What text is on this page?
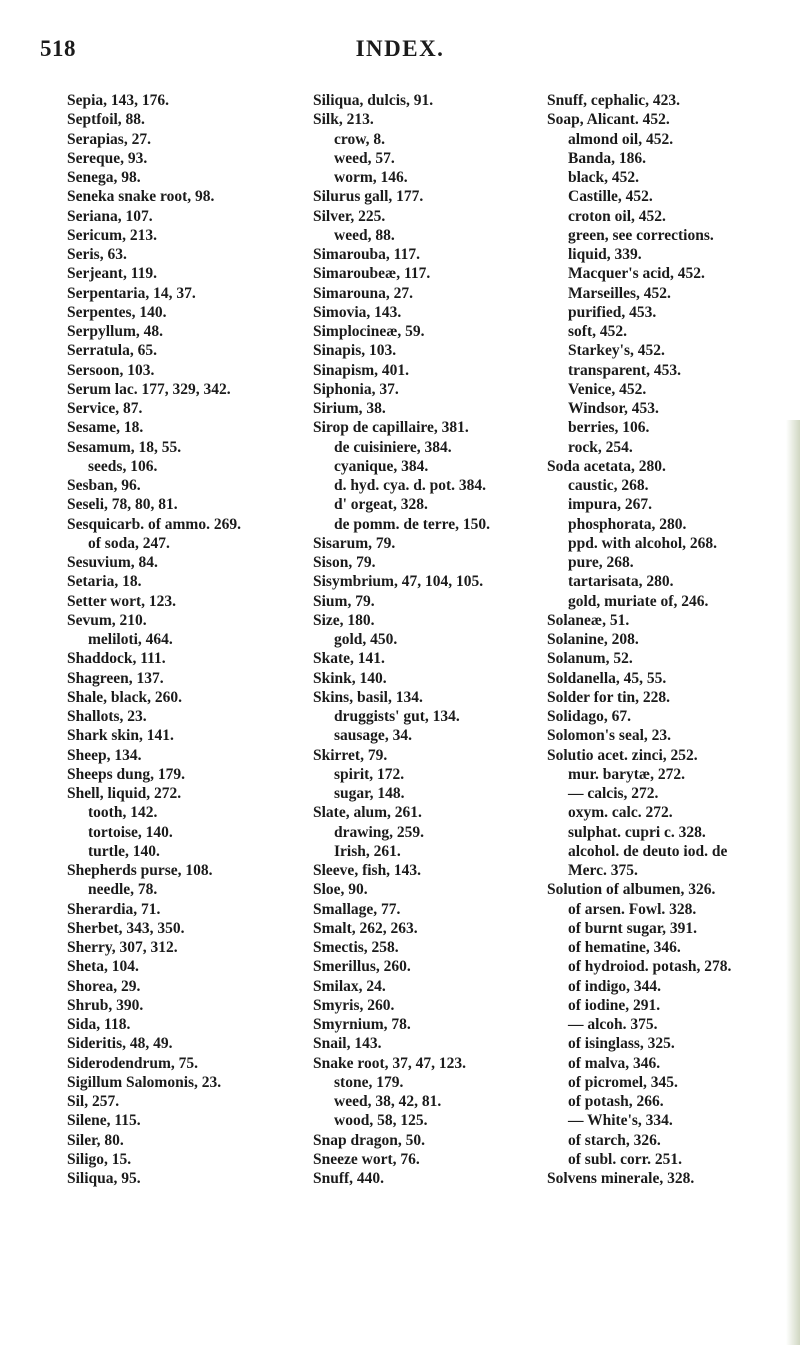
INDEX.
518
Sepia, 143, 176.
Septfoil, 88.
Serapias, 27.
Sereque, 93.
Senega, 98.
Seneka snake root, 98.
Seriana, 107.
Sericum, 213.
Seris, 63.
Serjeant, 119.
Serpentaria, 14, 37.
Serpentes, 140.
Serpyllum, 48.
Serratula, 65.
Sersoon, 103.
Serum lac. 177, 329, 342.
Service, 87.
Sesame, 18.
Sesamum, 18, 55.
seeds, 106.
Sesban, 96.
Seseli, 78, 80, 81.
Sesquicarb. of ammo. 269.
of soda, 247.
Sesuvium, 84.
Setaria, 18.
Setter wort, 123.
Sevum, 210.
meliloti, 464.
Shaddock, 111.
Shagreen, 137.
Shale, black, 260.
Shallots, 23.
Shark skin, 141.
Sheep, 134.
Sheeps dung, 179.
Shell, liquid, 272.
tooth, 142.
tortoise, 140.
turtle, 140.
Shepherds purse, 108.
needle, 78.
Sherardia, 71.
Sherbet, 343, 350.
Sherry, 307, 312.
Sheta, 104.
Shorea, 29.
Shrub, 390.
Sida, 118.
Sideritis, 48, 49.
Siderodendrum, 75.
Sigillum Salomonis, 23.
Sil, 257.
Silene, 115.
Siler, 80.
Siligo, 15.
Siliqua, 95.
Siliqua, dulcis, 91.
Silk, 213.
crow, 8.
weed, 57.
worm, 146.
Silurus gall, 177.
Silver, 225.
weed, 88.
Simarouba, 117.
Simaroubeæ, 117.
Simarouna, 27.
Simovia, 143.
Simplocineæ, 59.
Sinapis, 103.
Sinapism, 401.
Siphonia, 37.
Sirium, 38.
Sirop de capillaire, 381.
de cuisiniere, 384.
cyanique, 384.
d. hyd. cya. d. pot. 384.
d' orgeat, 328.
de pomm. de terre, 150.
Sisarum, 79.
Sison, 79.
Sisymbrium, 47, 104, 105.
Sium, 79.
Size, 180.
gold, 450.
Skate, 141.
Skink, 140.
Skins, basil, 134.
druggists' gut, 134.
sausage, 34.
Skirret, 79.
spirit, 172.
sugar, 148.
Slate, alum, 261.
drawing, 259.
Irish, 261.
Sleeve, fish, 143.
Sloe, 90.
Smallage, 77.
Smalt, 262, 263.
Smectis, 258.
Smerillus, 260.
Smilax, 24.
Smyris, 260.
Smyrnium, 78.
Snail, 143.
Snake root, 37, 47, 123.
stone, 179.
weed, 38, 42, 81.
wood, 58, 125.
Snap dragon, 50.
Sneeze wort, 76.
Snuff, 440.
Snuff, cephalic, 423.
Soap, Alicant. 452.
almond oil, 452.
Banda, 186.
black, 452.
Castille, 452.
croton oil, 452.
green, see corrections.
liquid, 339.
Macquer's acid, 452.
Marseilles, 452.
purified, 453.
soft, 452.
Starkey's, 452.
transparent, 453.
Venice, 452.
Windsor, 453.
berries, 106.
rock, 254.
Soda acetata, 280.
caustic, 268.
impura, 267.
phosphorata, 280.
ppd. with alcohol, 268.
pure, 268.
tartarisata, 280.
gold, muriate of, 246.
Solaneæ, 51.
Solanine, 208.
Solanum, 52.
Soldanella, 45, 55.
Solder for tin, 228.
Solidago, 67.
Solomon's seal, 23.
Solutio acet. zinci, 252.
mur. barytæ, 272.
— calcis, 272.
oxym. calc. 272.
sulphat. cupri c. 328.
alcohol. de deuto iod. de
Merc. 375.
Solution of albumen, 326.
of arsen. Fowl. 328.
of burnt sugar, 391.
of hematine, 346.
of hydroiod. potash, 278.
of indigo, 344.
of iodine, 291.
— alcoh. 375.
of isinglass, 325.
of malva, 346.
of picromel, 345.
of potash, 266.
— White's, 334.
of starch, 326.
of subl. corr. 251.
Solvens minerale, 328.
